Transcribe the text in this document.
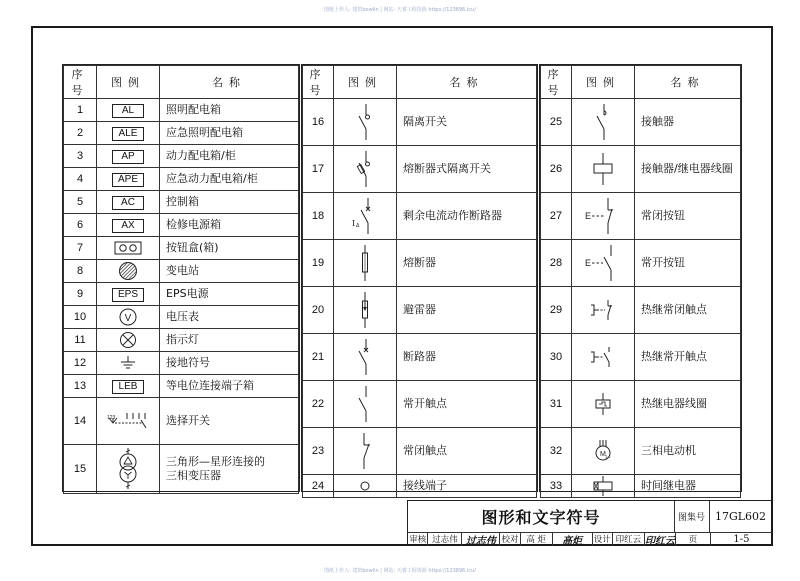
图纸上传人: 建筑bowlin | 网站: 天睿工程资源 https://123896.icu/
序号	图例	名称
1	AL	照明配电箱
2	ALE	应急照明配电箱
3	AP	动力配电箱/柜
4	APE	应急动力配电箱/柜
5	AC	控制箱
6	AX	检修电源箱
7		按钮盒(箱)
8		变电站
9	EPS	EPS电源
10	V	电压表
11		指示灯
12		接地符号
13	LEB	等电位连接端子箱
14	123	选择开关
15		三角形—星形连接的
三相变压器
序号	图例	名称
16		隔离开关
17		熔断器式隔离开关
18	I Δ	剩余电流动作断路器
19		熔断器
20		避雷器
21		断路器
22		常开触点
23		常闭触点
24		接线端子
序号	图例	名称
25		接触器
26		接触器/继电器线圈
27	E	常闭按钮
28	E	常开按钮
29		热继常闭触点
30		热继常开触点
31		热继电器线圈
32	M 3~	三相电动机
33		时间继电器
图形和文字符号	图集号 17GL602
审核 过志伟 过志伟 校对 高 炬	高炬	设计 印红云 印红云	页	1-5
图纸上传人: 建筑bowlin | 网站: 天睿工程资源 https://123896.icu/
